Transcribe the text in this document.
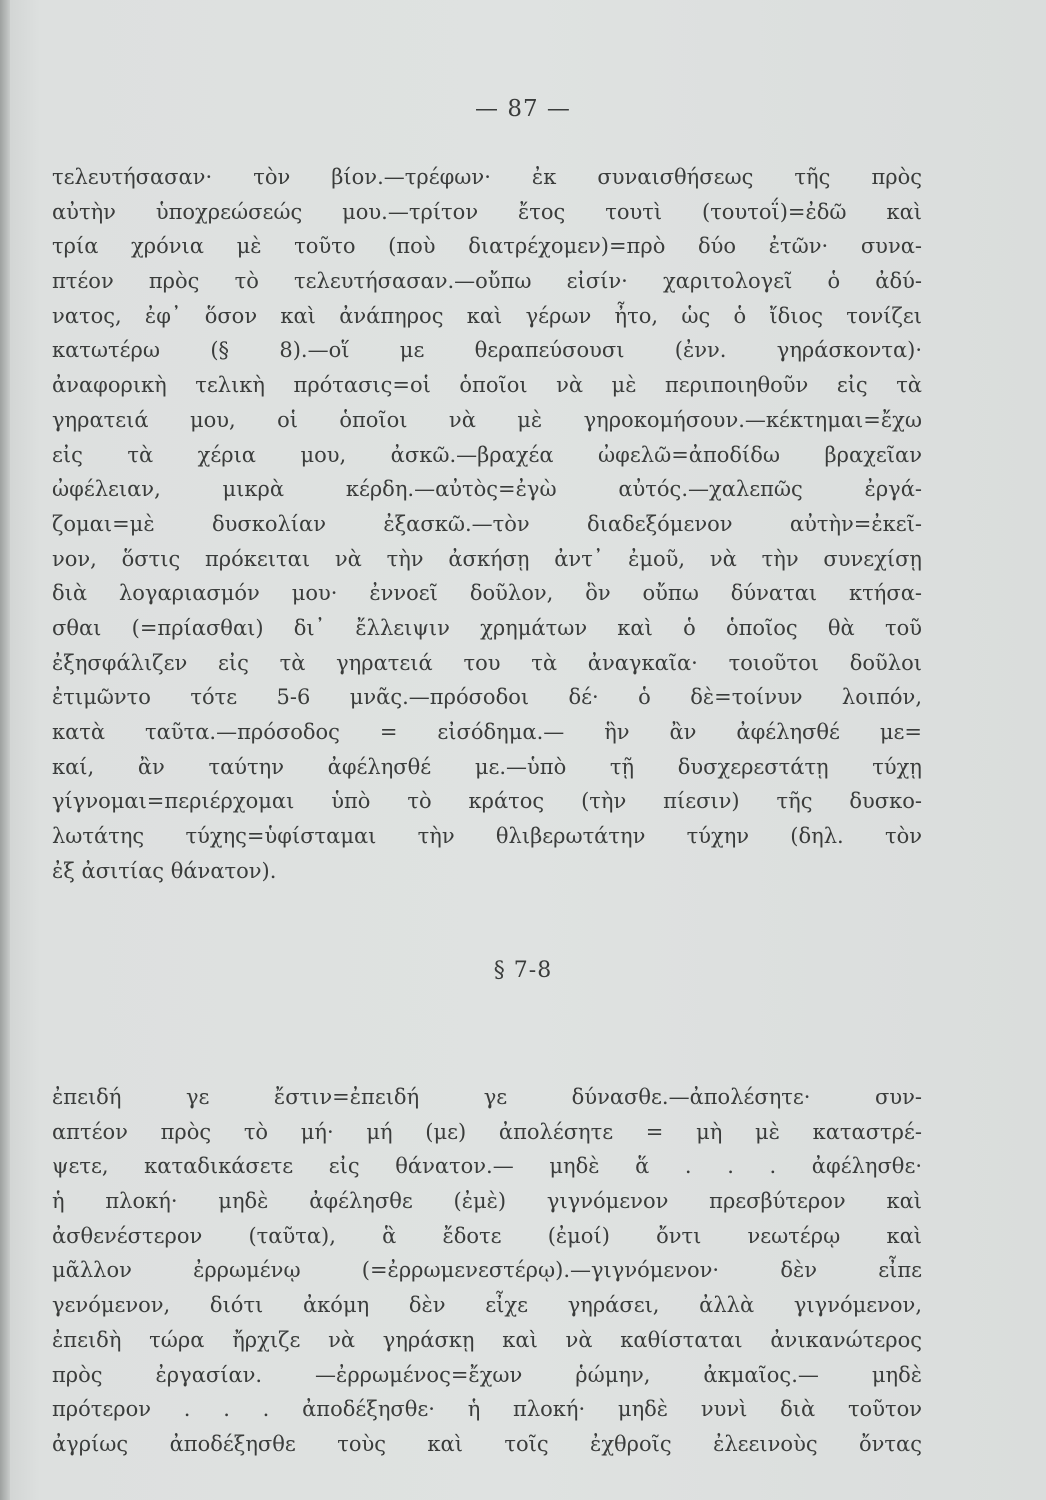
— 87 —
τελευτήσασαν· τὸν βίον.—τρέφων· ἐκ συναισθήσεως τῆς πρὸς
αὐτὴν ὑποχρεώσεώς μου.—τρίτον ἔτος τουτὶ (τουτοΐ)=ἐδῶ καὶ
τρία χρόνια μὲ τοῦτο (ποὺ διατρέχομεν)=πρὸ δύο ἐτῶν· συνα-
πτέον πρὸς τὸ τελευτήσασαν.—οὔπω εἰσίν· χαριτολογεῖ ὁ ἀδύ-
νατος, ἐφ᾽ ὅσον καὶ ἀνάπηρος καὶ γέρων ἦτο, ὡς ὁ ἴδιος τονίζει
κατωτέρω (§ 8).—οἵ με θεραπεύσουσι (ἐνν. γηράσκοντα)·
ἀναφορικὴ τελικὴ πρότασις=οἱ ὁποῖοι νὰ μὲ περιποιηθοῦν εἰς τὰ
γηρατειά μου, οἱ ὁποῖοι νὰ μὲ γηροκομήσουν.—κέκτημαι=ἔχω
εἰς τὰ χέρια μου, ἀσκῶ.—βραχέα ὠφελῶ=ἀποδίδω βραχεῖαν
ὠφέλειαν, μικρὰ κέρδη.—αὐτὸς=ἐγὼ αὐτός.—χαλεπῶς ἐργά-
ζομαι=μὲ δυσκολίαν ἐξασκῶ.—τὸν διαδεξόμενον αὐτὴν=ἐκεῖ-
νον, ὅστις πρόκειται νὰ τὴν ἀσκήσῃ ἀντ᾽ ἐμοῦ, νὰ τὴν συνεχίσῃ
διὰ λογαριασμόν μου· ἐννοεῖ δοῦλον, ὃν οὔπω δύναται κτήσα-
σθαι (=πρίασθαι) δι᾽ ἔλλειψιν χρημάτων καὶ ὁ ὁποῖος θὰ τοῦ
ἐξησφάλιζεν εἰς τὰ γηρατειά του τὰ ἀναγκαῖα· τοιοῦτοι δοῦλοι
ἐτιμῶντο τότε 5-6 μνᾶς.—πρόσοδοι δέ· ὁ δὲ=τοίνυν λοιπόν,
κατὰ ταῦτα.—πρόσοδος = εἰσόδημα.— ἣν ἂν ἀφέλησθέ με=
καί, ἂν ταύτην ἀφέλησθέ με.—ὑπὸ τῇ δυσχερεστάτῃ τύχῃ
γίγνομαι=περιέρχομαι ὑπὸ τὸ κράτος (τὴν πίεσιν) τῆς δυσκο-
λωτάτης τύχης=ὑφίσταμαι τὴν θλιβερωτάτην τύχην (δηλ. τὸν
ἐξ ἀσιτίας θάνατον).
§ 7-8
ἐπειδή γε ἔστιν=ἐπειδή γε δύνασθε.—ἀπολέσητε· συν-
απτέον πρὸς τὸ μή· μή (με) ἀπολέσητε = μὴ μὲ καταστρέ-
ψετε, καταδικάσετε εἰς θάνατον.— μηδὲ ἅ . . . ἀφέλησθε·
ἡ πλοκή· μηδὲ ἀφέλησθε (ἐμὲ) γιγνόμενον πρεσβύτερον καὶ
ἀσθενέστερον (ταῦτα), ἃ ἔδοτε (ἐμοί) ὄντι νεωτέρῳ καὶ
μᾶλλον ἐρρωμένῳ (=ἐρρωμενεστέρῳ).—γιγνόμενον· δὲν εἶπε
γενόμενον, διότι ἀκόμη δὲν εἶχε γηράσει, ἀλλὰ γιγνόμενον,
ἐπειδὴ τώρα ἤρχιζε νὰ γηράσκῃ καὶ νὰ καθίσταται ἀνικανώτερος
πρὸς ἐργασίαν. —ἐρρωμένος=ἔχων ῥώμην, ἀκμαῖος.— μηδὲ
πρότερον . . . ἀποδέξησθε· ἡ πλοκή· μηδὲ νυνὶ διὰ τοῦτον
ἀγρίως ἀποδέξησθε τοὺς καὶ τοῖς ἐχθροῖς ἐλεεινοὺς ὄντας
